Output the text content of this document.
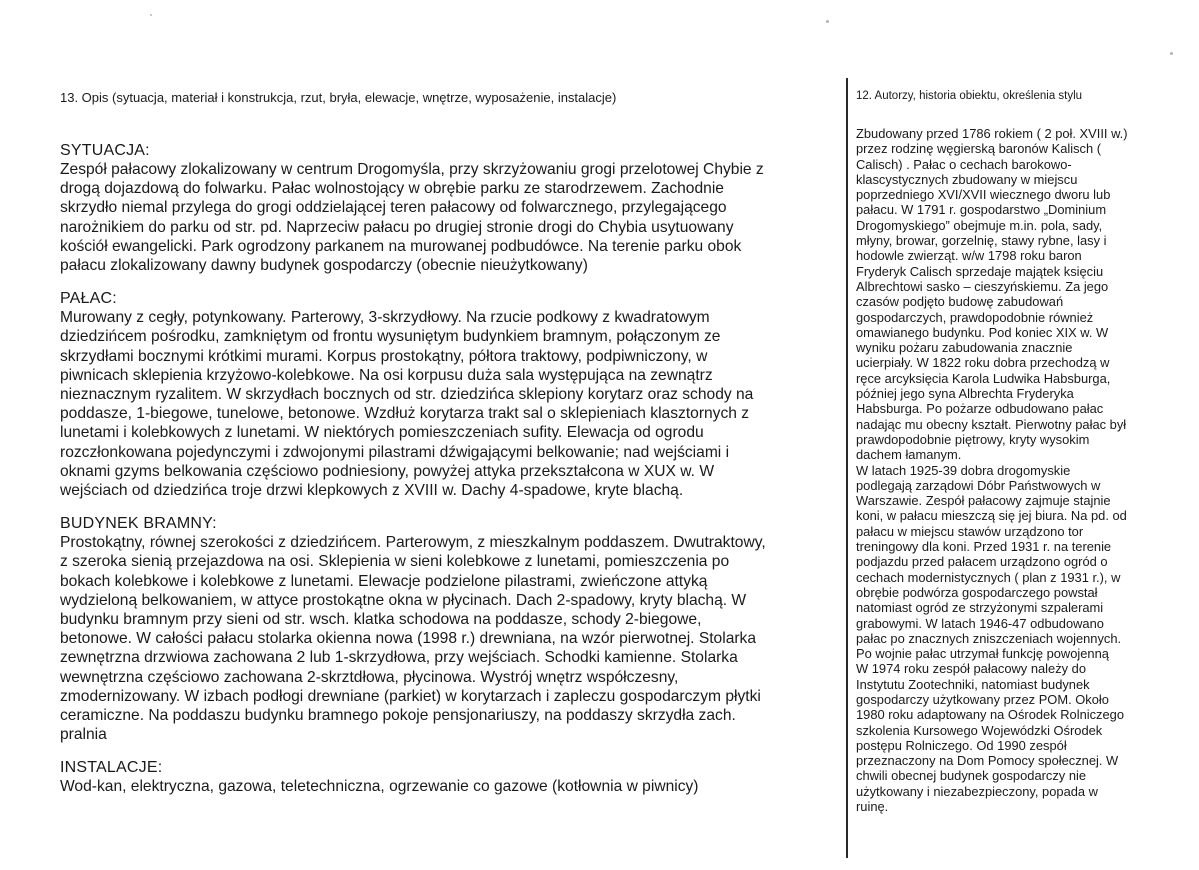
13. Opis (sytuacja, materiał i konstrukcja, rzut, bryła, elewacje, wnętrze, wyposażenie, instalacje)
SYTUACJA:

Zespół pałacowy zlokalizowany w centrum Drogomyśla, przy skrzyżowaniu grogi przelotowej Chybie z

drogą dojazdową do folwarku. Pałac wolnostojący w obrębie parku ze starodrzewem. Zachodnie

skrzydło niemal przylega do grogi oddzielającej teren pałacowy od folwarcznego, przylegającego

narożnikiem do parku od str. pd. Naprzeciw pałacu po drugiej stronie drogi do Chybia usytuowany

kościół ewangelicki. Park ogrodzony parkanem na murowanej podbudówce. Na terenie parku obok

pałacu zlokalizowany dawny budynek gospodarczy (obecnie nieużytkowany)

PAŁAC:

Murowany z cegły, potynkowany. Parterowy, 3-skrzydłowy. Na rzucie podkowy z kwadratowym

dziedzińcem pośrodku, zamkniętym od frontu wysuniętym budynkiem bramnym, połączonym ze

skrzydłami bocznymi krótkimi murami. Korpus prostokątny, półtora traktowy, podpiwniczony, w

piwnicach sklepienia krzyżowo-kolebkowe. Na osi korpusu duża sala występująca na zewnątrz

nieznacznym ryzalitem. W skrzydłach bocznych od str. dziedzińca sklepiony korytarz oraz schody na

poddasze, 1-biegowe, tunelowe, betonowe. Wzdłuż korytarza trakt sal o sklepieniach klasztornych z

lunetami i kolebkowych z lunetami. W niektórych pomieszczeniach sufity. Elewacja od ogrodu

rozczłonkowana pojedynczymi i zdwojonymi pilastrami dźwigającymi belkowanie; nad wejściami i

oknami gzyms belkowania częściowo podniesiony, powyżej attyka przekształcona w XUX w. W

wejściach od dziedzińca troje drzwi klepkowych z XVIII w. Dachy 4-spadowe, kryte blachą.

BUDYNEK BRAMNY:

Prostokątny, równej szerokości z dziedzińcem. Parterowym, z mieszkalnym poddaszem. Dwutraktowy,

z szeroka sienią przejazdowa na osi. Sklepienia w sieni kolebkowe z lunetami, pomieszczenia po

bokach kolebkowe i kolebkowe z lunetami. Elewacje podzielone pilastrami, zwieńczone attyką

wydzieloną belkowaniem, w attyce prostokątne okna w płycinach. Dach 2-spadowy, kryty blachą. W

budynku bramnym przy sieni od str. wsch. klatka schodowa na poddasze, schody 2-biegowe,

betonowe. W całości pałacu stolarka okienna nowa (1998 r.) drewniana, na wzór pierwotnej. Stolarka

zewnętrzna drzwiowa zachowana 2 lub 1-skrzydłowa, przy wejściach. Schodki kamienne. Stolarka

wewnętrzna częściowo zachowana 2-skrztdłowa, płycinowa. Wystrój wnętrz współczesny,

zmodernizowany. W izbach podłogi drewniane (parkiet) w korytarzach i zapleczu gospodarczym płytki

ceramiczne. Na poddaszu budynku bramnego pokoje pensjonariuszy, na poddaszy skrzydła zach.

pralnia

INSTALACJE:

Wod-kan, elektryczna, gazowa, teletechniczna, ogrzewanie co gazowe (kotłownia w piwnicy)

12. Autorzy, historia obiektu, określenia stylu

Zbudowany przed 1786 rokiem ( 2 poł. XVIII w.)

przez rodzinę węgierską baronów Kalisch (

Calisch) . Pałac o cechach barokowo-

klascystycznych zbudowany w miejscu

poprzedniego XVI/XVII wiecznego dworu lub

pałacu. W 1791 r. gospodarstwo „Dominium

Drogomyskiego” obejmuje m.in. pola, sady,

młyny, browar, gorzelnię, stawy rybne, lasy i

hodowle zwierząt. w/w 1798 roku baron

Fryderyk Calisch sprzedaje majątek księciu

Albrechtowi sasko – cieszyńskiemu. Za jego

czasów podjęto budowę zabudowań

gospodarczych, prawdopodobnie również

omawianego budynku. Pod koniec XIX w. W

wyniku pożaru zabudowania znacznie

ucierpiały. W 1822 roku dobra przechodzą w

ręce arcyksięcia Karola Ludwika Habsburga,

później jego syna Albrechta Fryderyka

Habsburga. Po pożarze odbudowano pałac

nadając mu obecny kształt. Pierwotny pałac był

prawdopodobnie piętrowy, kryty wysokim

dachem łamanym.

W latach 1925-39 dobra drogomyskie

podlegają zarządowi Dóbr Państwowych w

Warszawie. Zespół pałacowy zajmuje stajnie

koni, w pałacu mieszczą się jej biura. Na pd. od

pałacu w miejscu stawów urządzono tor

treningowy dla koni. Przed 1931 r. na terenie

podjazdu przed pałacem urządzono ogród o

cechach modernistycznych ( plan z 1931 r.), w

obrębie podwórza gospodarczego powstał

natomiast ogród ze strzyżonymi szpalerami

grabowymi. W latach 1946-47 odbudowano

pałac po znacznych zniszczeniach wojennych.

Po wojnie pałac utrzymał funkcję powojenną

W 1974 roku zespół pałacowy należy do

Instytutu Zootechniki, natomiast budynek

gospodarczy użytkowany przez POM. Około

1980 roku adaptowany na Ośrodek Rolniczego

szkolenia Kursowego Wojewódzki Ośrodek

postępu Rolniczego. Od 1990 zespół

przeznaczony na Dom Pomocy społecznej. W

chwili obecnej budynek gospodarczy nie

użytkowany i niezabezpieczony, popada w

ruinę.
